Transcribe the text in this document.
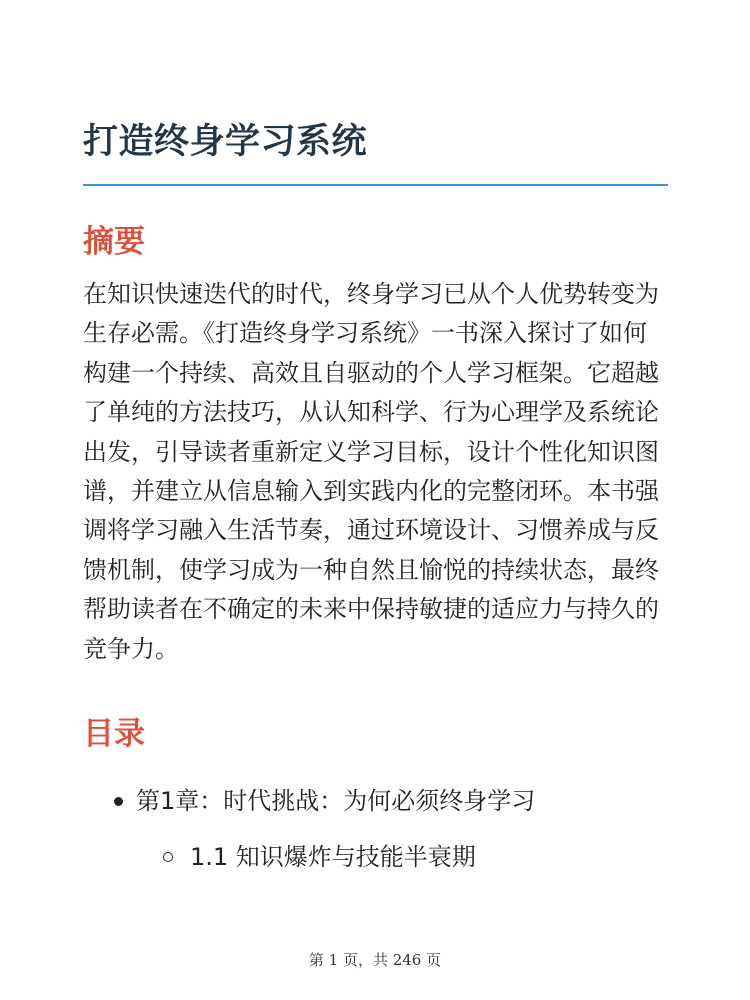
打造终身学习系统
摘要

在知识快速迭代的时代，终身学习已从个人优势转变为生存必需。《打造终身学习系统》一书深入探讨了如何构建一个持续、高效且自驱动的个人学习框架。它超越了单纯的方法技巧，从认知科学、行为心理学及系统论出发，引导读者重新定义学习目标，设计个性化知识图谱，并建立从信息输入到实践内化的完整闭环。本书强调将学习融入生活节奏，通过环境设计、习惯养成与反馈机制，使学习成为一种自然且愉悦的持续状态，最终帮助读者在不确定的未来中保持敏捷的适应力与持久的竞争力。

目录
第1章：时代挑战：为何必须终身学习
1.1 知识爆炸与技能半衰期
第 1 页，共 246 页
